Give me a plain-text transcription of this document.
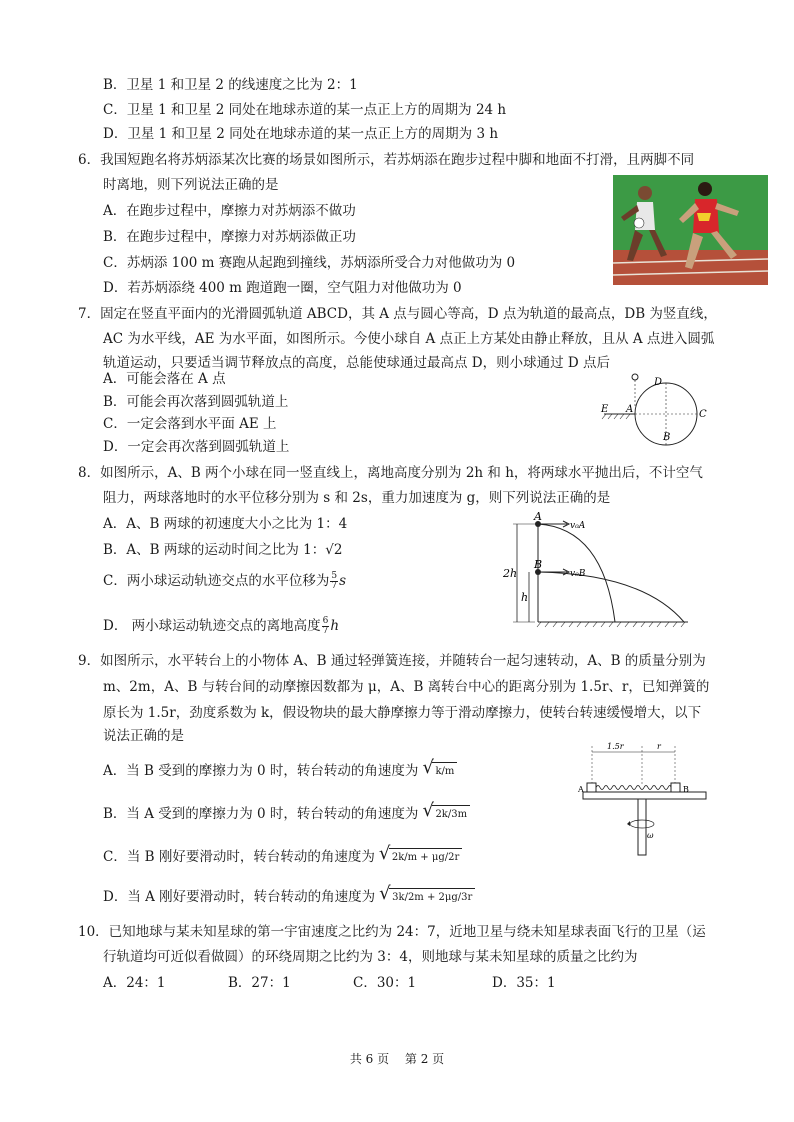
B．卫星 1 和卫星 2 的线速度之比为 2：1
C．卫星 1 和卫星 2 同处在地球赤道的某一点正上方的周期为 24 h
D．卫星 1 和卫星 2 同处在地球赤道的某一点正上方的周期为 3 h
6．我国短跑名将苏炳添某次比赛的场景如图所示，若苏炳添在跑步过程中脚和地面不打滑，且两脚不同
时离地，则下列说法正确的是
A．在跑步过程中，摩擦力对苏炳添不做功
B．在跑步过程中，摩擦力对苏炳添做正功
C．苏炳添 100 m 赛跑从起跑到撞线，苏炳添所受合力对他做功为 0
D．若苏炳添绕 400 m 跑道跑一圈，空气阻力对他做功为 0
7．固定在竖直平面内的光滑圆弧轨道 ABCD，其 A 点与圆心等高，D 点为轨道的最高点，DB 为竖直线，
AC 为水平线，AE 为水平面，如图所示。今使小球自 A 点正上方某处由静止释放，且从 A 点进入圆弧
轨道运动，只要适当调节释放点的高度，总能使球通过最高点 D，则小球通过 D 点后
A．可能会落在 A 点
B．可能会再次落到圆弧轨道上
C．一定会落到水平面 AE 上
D．一定会再次落到圆弧轨道上
D
A	C
E
B
8．如图所示，A、B 两个小球在同一竖直线上，离地高度分别为 2h 和 h，将两球水平抛出后，不计空气
阻力，两球落地时的水平位移分别为 s 和 2s，重力加速度为 g，则下列说法正确的是
A．A、B 两球的初速度大小之比为 1：4
B．A、B 两球的运动时间之比为 1：√2
C．两小球运动轨迹交点的水平位移为 $\frac{5}{7}$ s
D． 两小球运动轨迹交点的离地高度 $\frac{6}{7}$ h
A
B
v₀A
v₀B
2h
h
9．如图所示，水平转台上的小物体 A、B 通过轻弹簧连接，并随转台一起匀速转动，A、B 的质量分别为
m、2m，A、B 与转台间的动摩擦因数都为 μ，A、B 离转台中心的距离分别为 1.5r、r，已知弹簧的
原长为 1.5r，劲度系数为 k，假设物块的最大静摩擦力等于滑动摩擦力，使转台转速缓慢增大，以下
说法正确的是
A．当 B 受到的摩擦力为 0 时，转台转动的角速度为 √ k/m
B．当 A 受到的摩擦力为 0 时，转台转动的角速度为 √ 2k/3m
C．当 B 刚好要滑动时，转台转动的角速度为 √ 2k/m + μg/2r
D．当 A 刚好要滑动时，转台转动的角速度为 √ 3k/2m + 2μg/3r
1.5r	r
A	B
ω
10．已知地球与某未知星球的第一宇宙速度之比约为 24：7，近地卫星与绕未知星球表面飞行的卫星（运
行轨道均可近似看做圆）的环绕周期之比约为 3：4，则地球与某未知星球的质量之比约为
A．24：1	B．27：1	C．30：1	D．35：1
共 6 页　 第 2 页
